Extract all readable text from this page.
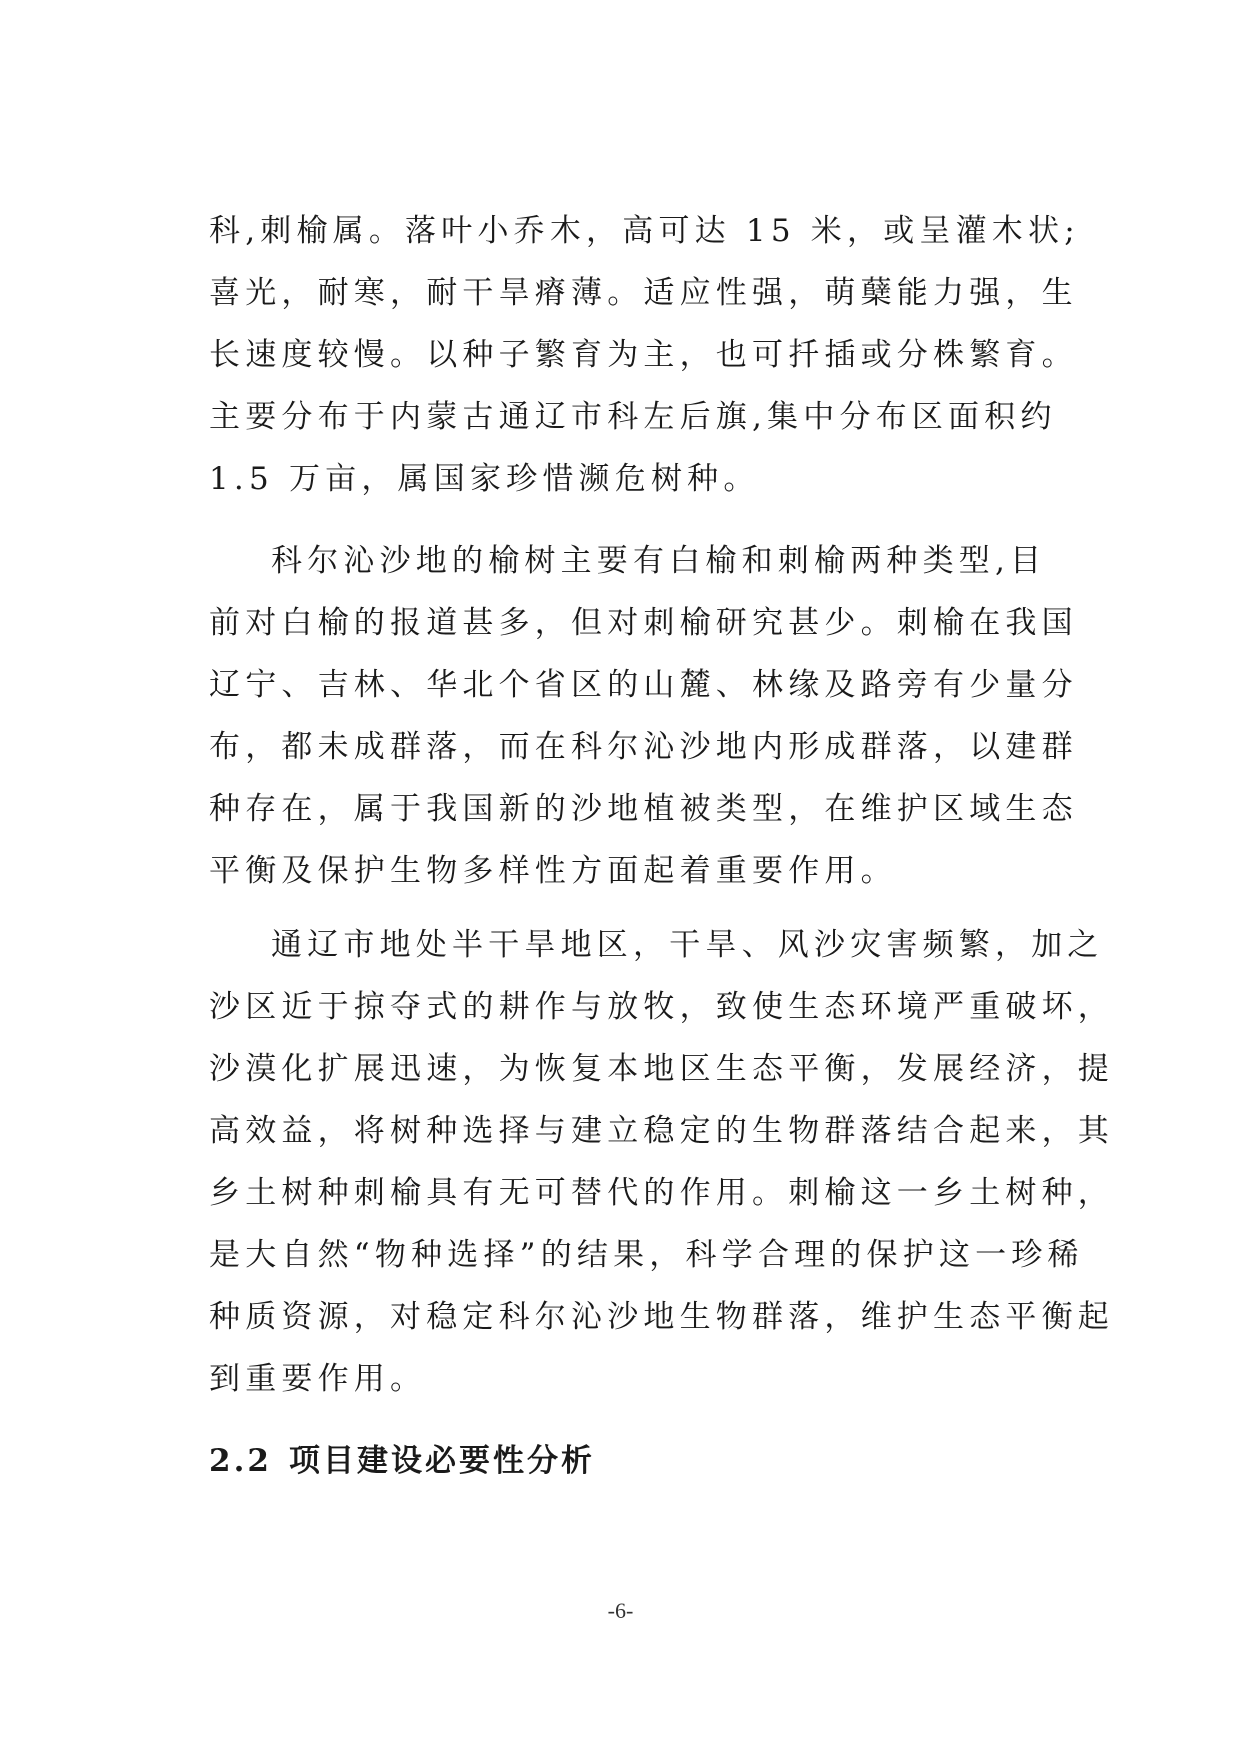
科,刺榆属。落叶小乔木，高可达 15 米，或呈灌木状;
喜光，耐寒，耐干旱瘠薄。适应性强，萌蘖能力强，生
长速度较慢。以种子繁育为主，也可扦插或分株繁育。
主要分布于内蒙古通辽市科左后旗,集中分布区面积约
1.5 万亩，属国家珍惜濒危树种。
科尔沁沙地的榆树主要有白榆和刺榆两种类型,目
前对白榆的报道甚多，但对刺榆研究甚少。刺榆在我国
辽宁、吉林、华北个省区的山麓、林缘及路旁有少量分
布，都未成群落，而在科尔沁沙地内形成群落，以建群
种存在，属于我国新的沙地植被类型，在维护区域生态
平衡及保护生物多样性方面起着重要作用。
通辽市地处半干旱地区，干旱、风沙灾害频繁，加之
沙区近于掠夺式的耕作与放牧，致使生态环境严重破坏，
沙漠化扩展迅速，为恢复本地区生态平衡，发展经济，提
高效益，将树种选择与建立稳定的生物群落结合起来，其
乡土树种刺榆具有无可替代的作用。刺榆这一乡土树种，
是大自然“物种选择”的结果，科学合理的保护这一珍稀
种质资源，对稳定科尔沁沙地生物群落，维护生态平衡起
到重要作用。
2.2 项目建设必要性分析
-6-
